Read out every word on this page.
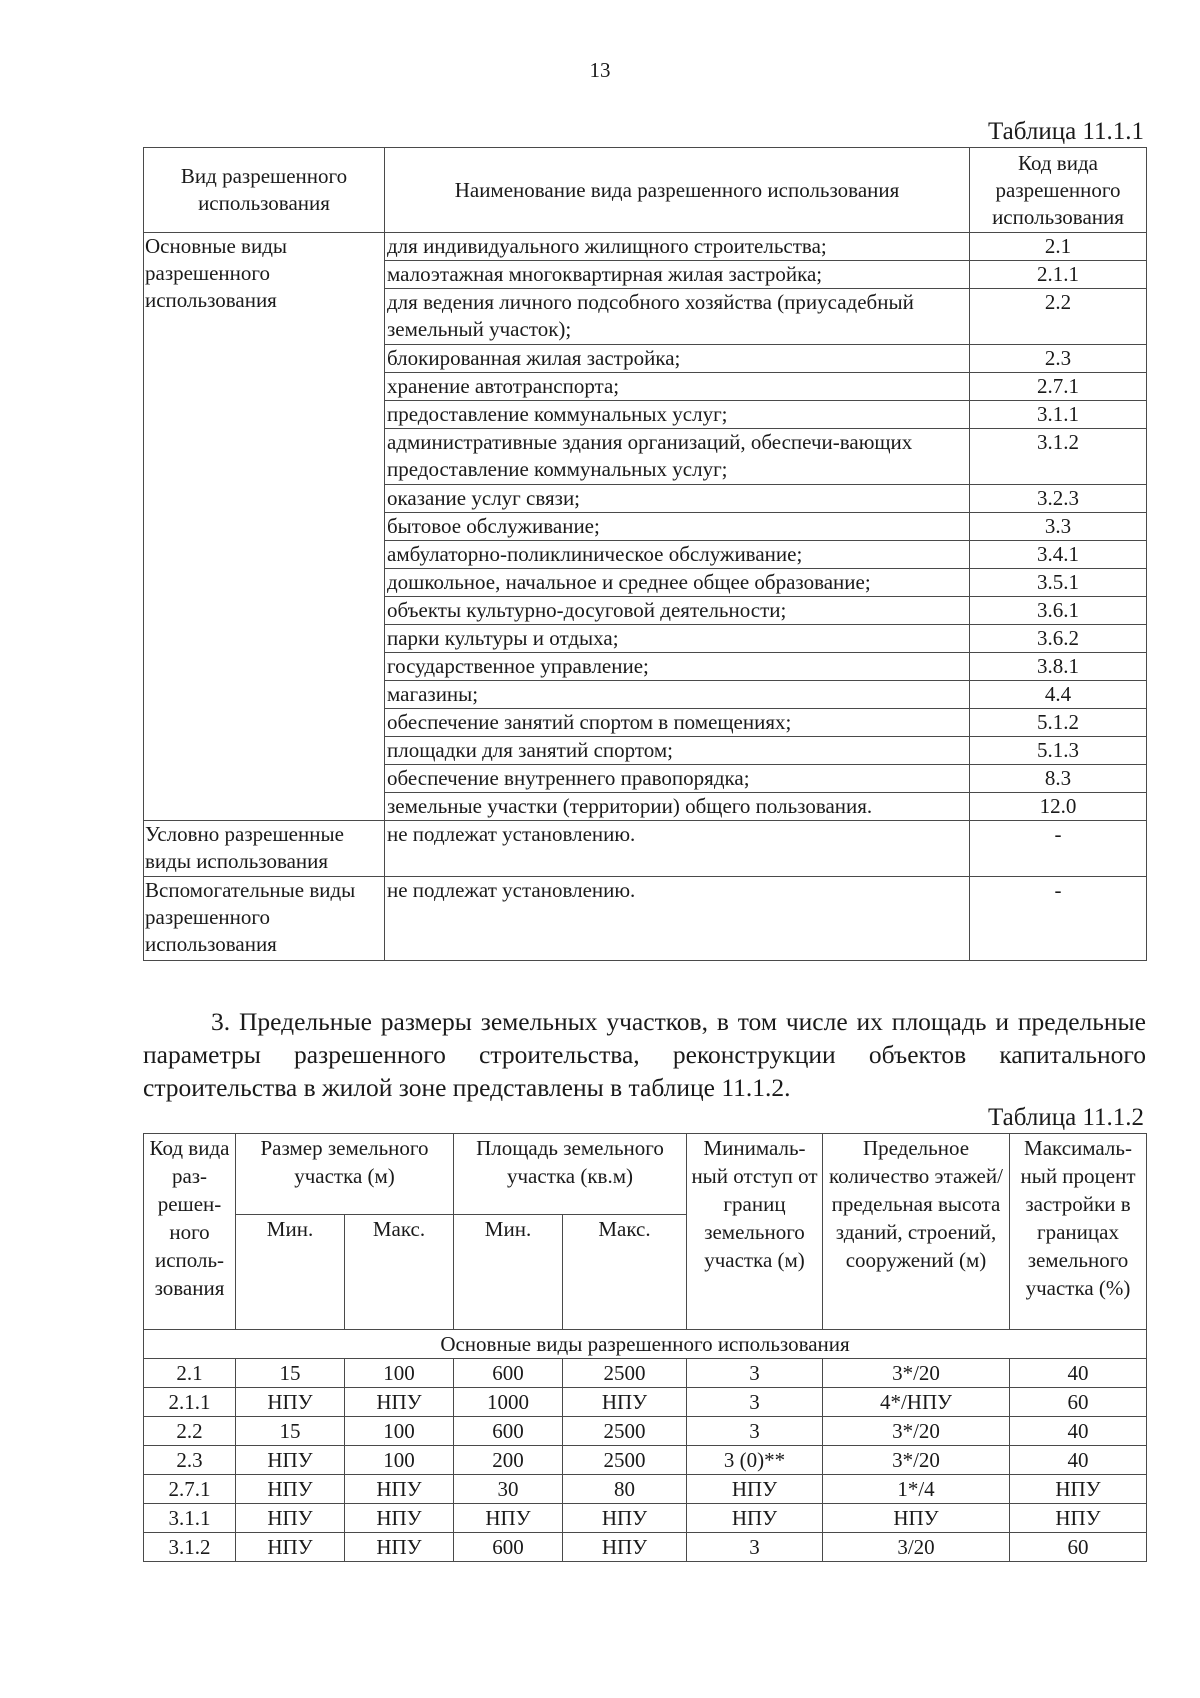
13
Таблица 11.1.1
Вид разрешенного использования	Наименование вида разрешенного использования	Код вида разрешенного использования
Основные виды разрешенного использования	для индивидуального жилищного строительства;	2.1
	малоэтажная многоквартирная жилая застройка;	2.1.1
	для ведения личного подсобного хозяйства (приусадебный земельный участок);	2.2
	блокированная жилая застройка;	2.3
	хранение автотранспорта;	2.7.1
	предоставление коммунальных услуг;	3.1.1
	административные здания организаций, обеспечи-вающих предоставление коммунальных услуг;	3.1.2
	оказание услуг связи;	3.2.3
	бытовое обслуживание;	3.3
	амбулаторно-поликлиническое обслуживание;	3.4.1
	дошкольное, начальное и среднее общее образование;	3.5.1
	объекты культурно-досуговой деятельности;	3.6.1
	парки культуры и отдыха;	3.6.2
	государственное управление;	3.8.1
	магазины;	4.4
	обеспечение занятий спортом в помещениях;	5.1.2
	площадки для занятий спортом;	5.1.3
	обеспечение внутреннего правопорядка;	8.3
	земельные участки (территории) общего пользования.	12.0
Условно разрешенные виды использования	не подлежат установлению.	-
Вспомогательные виды разрешенного использования	не подлежат установлению.	-

3. Предельные размеры земельных участков, в том числе их площадь и предельные параметры разрешенного строительства, реконструкции объектов капитального строительства в жилой зоне представлены в таблице 11.1.2.

Таблица 11.1.2
Код вида раз-решен-ного исполь-зования	Размер земельного участка (м)		Площадь земельного участка (кв.м)		Минималь-ный отступ от границ земельного участка (м)	Предельное количество этажей/ предельная высота зданий, строений, сооружений (м)	Максималь-ный процент застройки в границах земельного участка (%)
	Мин.	Макс.	Мин.	Макс.			
Основные виды разрешенного использования							
2.1	15	100	600	2500	3	3*/20	40
2.1.1	НПУ	НПУ	1000	НПУ	3	4*/НПУ	60
2.2	15	100	600	2500	3	3*/20	40
2.3	НПУ	100	200	2500	3 (0)**	3*/20	40
2.7.1	НПУ	НПУ	30	80	НПУ	1*/4	НПУ
3.1.1	НПУ	НПУ	НПУ	НПУ	НПУ	НПУ	НПУ
3.1.2	НПУ	НПУ	600	НПУ	3	3/20	60
